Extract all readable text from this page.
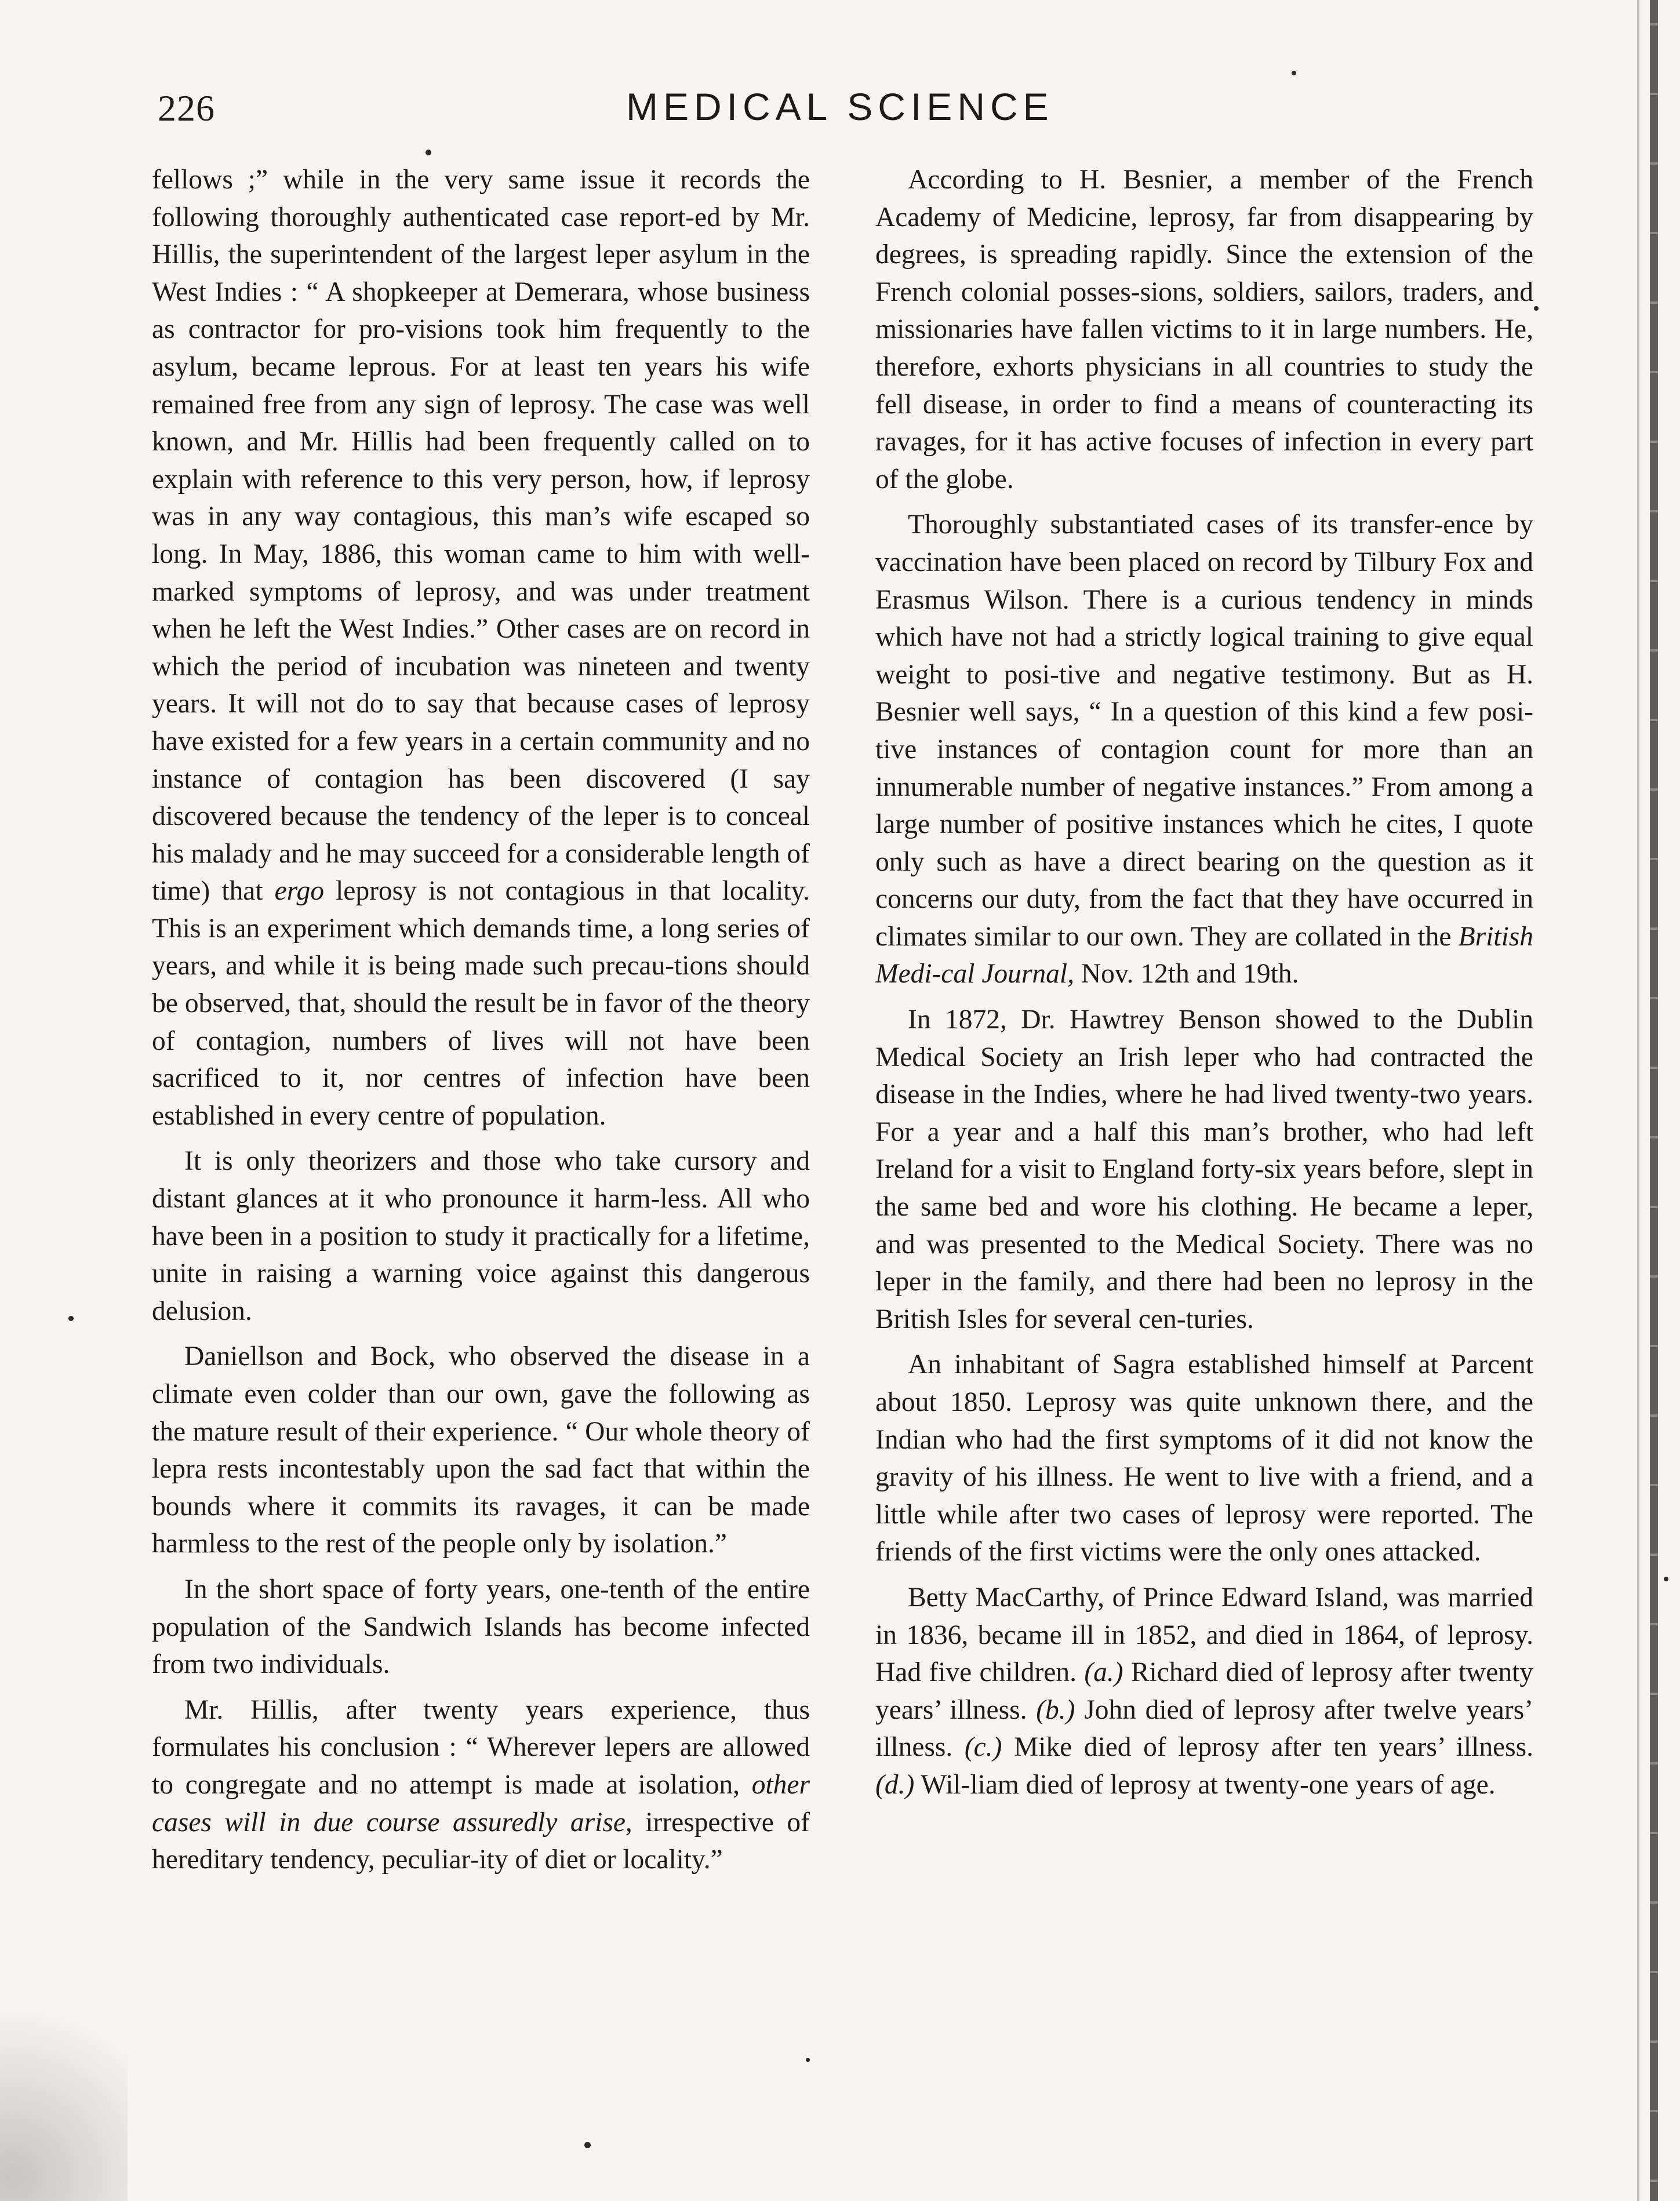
226	MEDICAL SCIENCE

fellows ;” while in the very same issue it records the following thoroughly authenticated case report-ed by Mr. Hillis, the superintendent of the largest leper asylum in the West Indies : “ A shopkeeper at Demerara, whose business as contractor for pro-visions took him frequently to the asylum, became leprous. For at least ten years his wife remained free from any sign of leprosy. The case was well known, and Mr. Hillis had been frequently called on to explain with reference to this very person, how, if leprosy was in any way contagious, this man’s wife escaped so long. In May, 1886, this woman came to him with well-marked symptoms of leprosy, and was under treatment when he left the West Indies.” Other cases are on record in which the period of incubation was nineteen and twenty years. It will not do to say that because cases of leprosy have existed for a few years in a certain community and no instance of contagion has been discovered (I say discovered because the tendency of the leper is to conceal his malady and he may succeed for a considerable length of time) that ergo leprosy is not contagious in that locality. This is an experiment which demands time, a long series of years, and while it is being made such precau-tions should be observed, that, should the result be in favor of the theory of contagion, numbers of lives will not have been sacrificed to it, nor centres of infection have been established in every centre of population.

It is only theorizers and those who take cursory and distant glances at it who pronounce it harm-less. All who have been in a position to study it practically for a lifetime, unite in raising a warning voice against this dangerous delusion.

Daniellson and Bock, who observed the disease in a climate even colder than our own, gave the following as the mature result of their experience. “ Our whole theory of lepra rests incontestably upon the sad fact that within the bounds where it commits its ravages, it can be made harmless to the rest of the people only by isolation.”

In the short space of forty years, one-tenth of the entire population of the Sandwich Islands has become infected from two individuals.

Mr. Hillis, after twenty years experience, thus formulates his conclusion : “ Wherever lepers are allowed to congregate and no attempt is made at isolation, other cases will in due course assuredly arise, irrespective of hereditary tendency, peculiar-ity of diet or locality.”

According to H. Besnier, a member of the French Academy of Medicine, leprosy, far from disappearing by degrees, is spreading rapidly. Since the extension of the French colonial posses-sions, soldiers, sailors, traders, and missionaries have fallen victims to it in large numbers. He, therefore, exhorts physicians in all countries to study the fell disease, in order to find a means of counteracting its ravages, for it has active focuses of infection in every part of the globe.

Thoroughly substantiated cases of its transfer-ence by vaccination have been placed on record by Tilbury Fox and Erasmus Wilson. There is a curious tendency in minds which have not had a strictly logical training to give equal weight to posi-tive and negative testimony. But as H. Besnier well says, “ In a question of this kind a few posi-tive instances of contagion count for more than an innumerable number of negative instances.” From among a large number of positive instances which he cites, I quote only such as have a direct bearing on the question as it concerns our duty, from the fact that they have occurred in climates similar to our own. They are collated in the British Medi-cal Journal, Nov. 12th and 19th.

In 1872, Dr. Hawtrey Benson showed to the Dublin Medical Society an Irish leper who had contracted the disease in the Indies, where he had lived twenty-two years. For a year and a half this man’s brother, who had left Ireland for a visit to England forty-six years before, slept in the same bed and wore his clothing. He became a leper, and was presented to the Medical Society. There was no leper in the family, and there had been no leprosy in the British Isles for several cen-turies.

An inhabitant of Sagra established himself at Parcent about 1850. Leprosy was quite unknown there, and the Indian who had the first symptoms of it did not know the gravity of his illness. He went to live with a friend, and a little while after two cases of leprosy were reported. The friends of the first victims were the only ones attacked.

Betty MacCarthy, of Prince Edward Island, was married in 1836, became ill in 1852, and died in 1864, of leprosy. Had five children. (a.) Richard died of leprosy after twenty years’ illness. (b.) John died of leprosy after twelve years’ illness. (c.) Mike died of leprosy after ten years’ illness. (d.) Wil-liam died of leprosy at twenty-one years of age.
